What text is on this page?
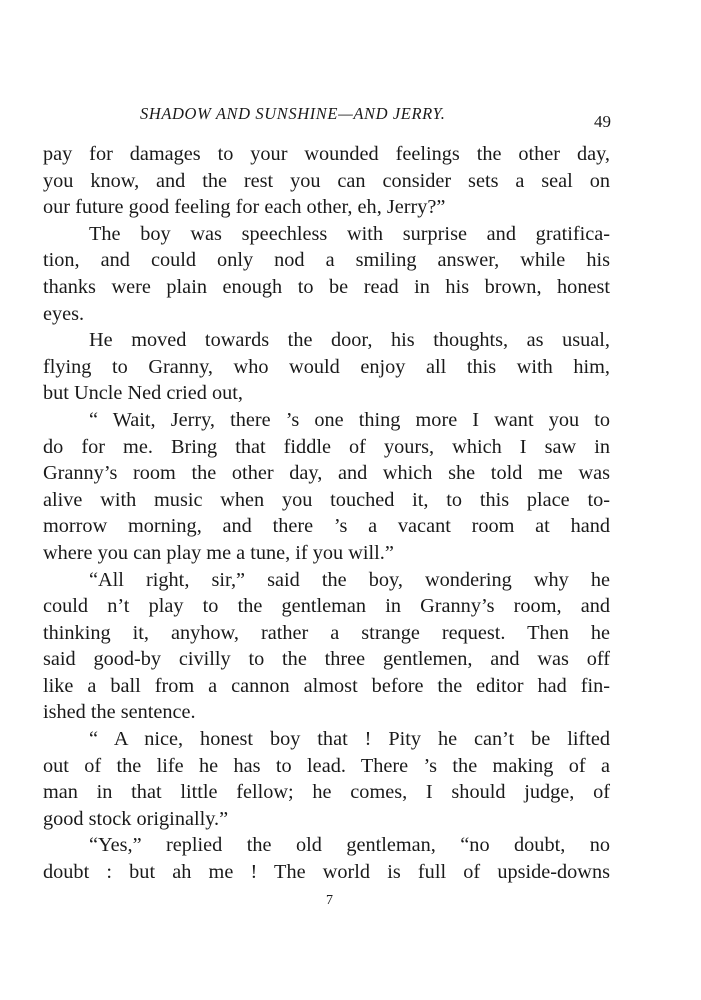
SHADOW AND SUNSHINE—AND JERRY.	49

pay for damages to your wounded feelings the other day,

you know, and the rest you can consider sets a seal on

our future good feeling for each other, eh, Jerry?”

The boy was speechless with surprise and gratifica-

tion, and could only nod a smiling answer, while his

thanks were plain enough to be read in his brown, honest

eyes.

He moved towards the door, his thoughts, as usual,

flying to Granny, who would enjoy all this with him,

but Uncle Ned cried out,

“ Wait, Jerry, there ’s one thing more I want you to

do for me. Bring that fiddle of yours, which I saw in

Granny’s room the other day, and which she told me was

alive with music when you touched it, to this place to-

morrow morning, and there ’s a vacant room at hand

where you can play me a tune, if you will.”

“All right, sir,” said the boy, wondering why he

could n’t play to the gentleman in Granny’s room, and

thinking it, anyhow, rather a strange request. Then he

said good-by civilly to the three gentlemen, and was off

like a ball from a cannon almost before the editor had fin-

ished the sentence.

“ A nice, honest boy that ! Pity he can’t be lifted

out of the life he has to lead. There ’s the making of a

man in that little fellow; he comes, I should judge, of

good stock originally.”

“Yes,” replied the old gentleman, “no doubt, no

doubt : but ah me ! The world is full of upside-downs

7
